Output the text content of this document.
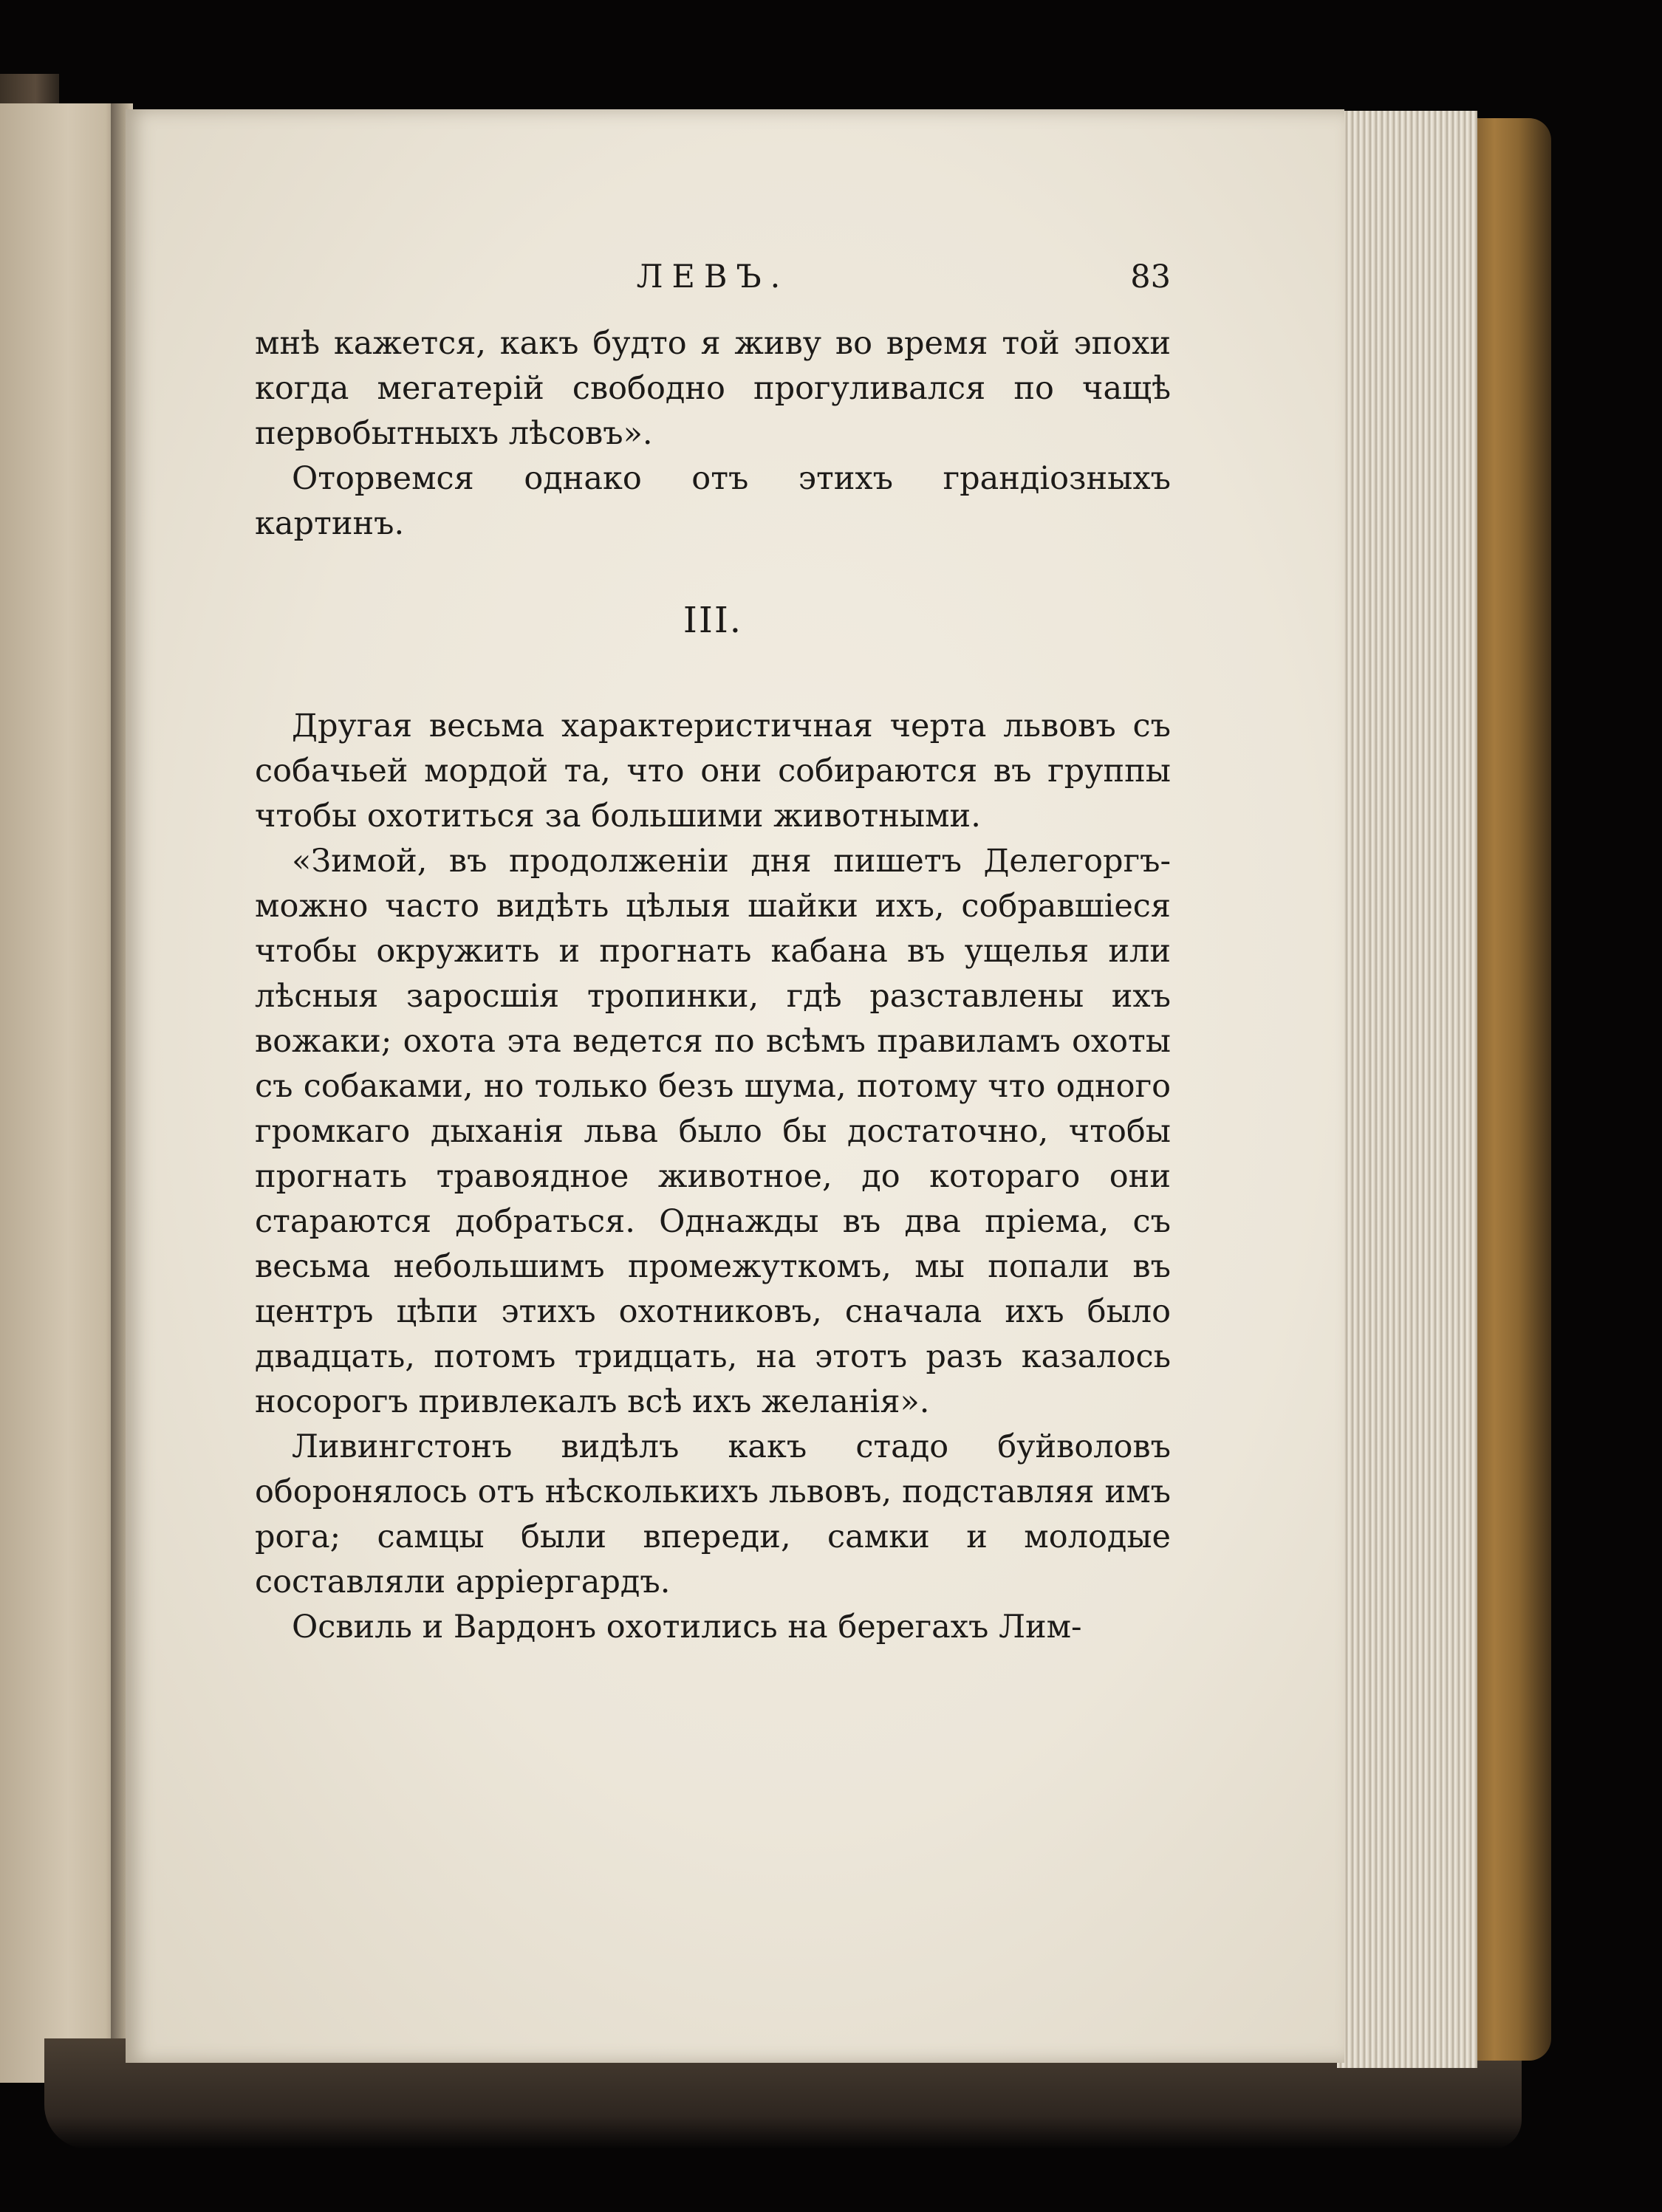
ЛЕВЪ.	83

мнѣ кажется, какъ будто я живу во время той эпохи когда мегатерій свободно прогуливался по чащѣ первобытныхъ лѣсовъ».

Оторвемся однако отъ этихъ грандіозныхъ картинъ.

III.

Другая весьма характеристичная черта львовъ съ собачьей мордой та, что они собираются въ группы чтобы охотиться за большими животными.

«Зимой, въ продолженіи дня пишетъ Делегоргъ-можно часто видѣть цѣлыя шайки ихъ, собравшіеся чтобы окружить и прогнать кабана въ ущелья или лѣсныя заросшія тропинки, гдѣ разставлены ихъ вожаки; охота эта ведется по всѣмъ правиламъ охоты съ собаками, но только безъ шума, потому что одного громкаго дыханія льва было бы достаточно, чтобы прогнать травоядное животное, до котораго они стараются добраться. Однажды въ два пріема, съ весьма небольшимъ промежуткомъ, мы попали въ центръ цѣпи этихъ охотниковъ, сначала ихъ было двадцать, потомъ тридцать, на этотъ разъ казалось носорогъ привлекалъ всѣ ихъ желанія».

Ливингстонъ видѣлъ какъ стадо буйволовъ оборонялось отъ нѣсколькихъ львовъ, подставляя имъ рога; самцы были впереди, самки и молодые составляли арріергардъ.

Освиль и Вардонъ охотились на берегахъ Лим-
